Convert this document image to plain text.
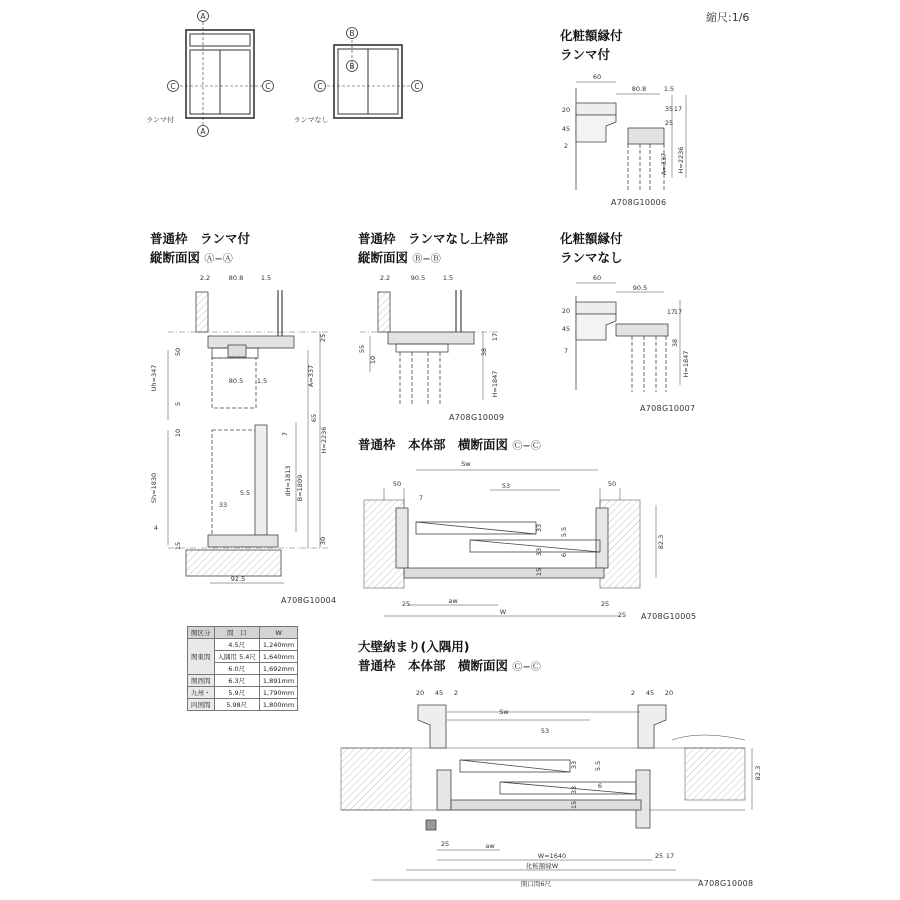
A
A
C	C
ランマ付
B
B
C	C
ランマなし
60
80.8	1.5
20
45
2
35
25
17
A=337 H=2236
2.2	80.8	1.5
25
50
5
Uh=347	80.5 1.5	A=337
65
H=2236
7
10
Sh=1830	dH=1813 B=1809
5.5
33
4
15
30
92.5
2.2	90.5	1.5
17
55
10
38
H=1847
60
90.5
20
45
7
17
17
38
H=1847
Sw
50	53	50
7
33	5.5
33	6
15
82.3
25	aw	25
W	25
20 45 2	2 45 20
Sw
53
33 5.5
33	6
15
82.3
25	aw
W=1640	25 17
化粧額縁W
開口間6尺
縮尺:1/6
化粧額縁付
ランマ付
普通枠　ランマ付
縦断面図 Ⓐ−Ⓐ
普通枠　ランマなし上枠部
縦断面図 Ⓑ−Ⓑ
化粧額縁付
ランマなし
普通枠　本体部　横断面図 Ⓒ−Ⓒ
大壁納まり(入隅用)
普通枠　本体部　横断面図 Ⓒ−Ⓒ
A708G10006
A708G10004
A708G10009
A708G10007
A708G10005
A708G10008
関区分	間　口	W
関東間	4.5尺	1,240mm
	入隅用 5.4尺	1,640mm
	6.0尺	1,692mm
関西間	6.3尺	1,891mm
九州・	5.9尺	1,790mm
四国間	5.98尺	1,800mm
